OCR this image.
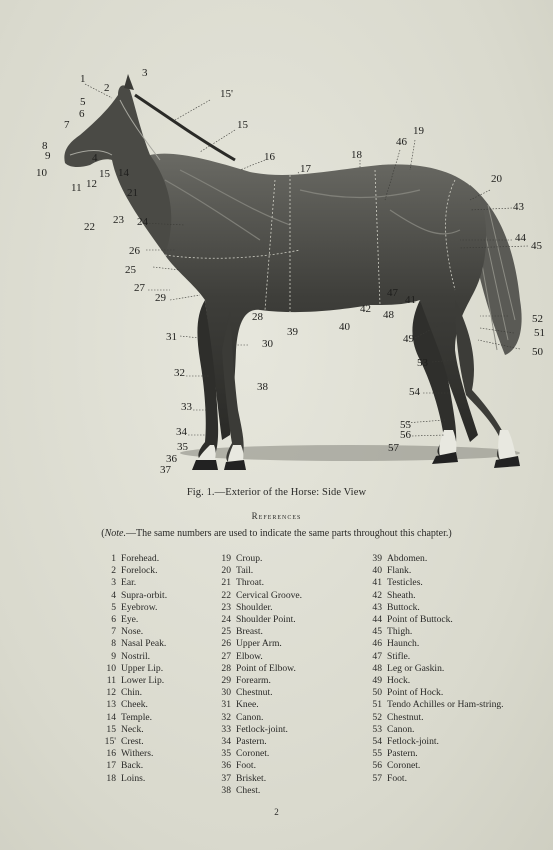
4
2
3
1
5
6
7
8
9
10
11 12
15 14
15'
22
15
16
17
18
19
20
21
23 24
26
25
27
29
38
31
30
32
33
34
35
36
37
28
39	40
42
41
47
44
43
45
46
48
49
50
51
52
53
54
55
56
57
Fig. 1.—Exterior of the Horse: Side View
References
(Note.—The same numbers are used to indicate the same parts throughout this chapter.)
1 Forehead.
2 Forelock.
3 Ear.
4 Supra-orbit.
5 Eyebrow.
6 Eye.
7 Nose.
8 Nasal Peak.
9 Nostril.
10 Upper Lip.
11 Lower Lip.
12 Chin.
13 Cheek.
14 Temple.
15 Neck.
15' Crest.
16 Withers.
17 Back.
18 Loins.
19 Croup.
20 Tail.
21 Throat.
22 Cervical Groove.
23 Shoulder.
24 Shoulder Point.
25 Breast.
26 Upper Arm.
27 Elbow.
28 Point of Elbow.
29 Forearm.
30 Chestnut.
31 Knee.
32 Canon.
33 Fetlock-joint.
34 Pastern.
35 Coronet.
36 Foot.
37 Brisket.
38 Chest.
39 Abdomen.
40 Flank.
41 Testicles.
42 Sheath.
43 Buttock.
44 Point of Buttock.
45 Thigh.
46 Haunch.
47 Stifle.
48 Leg or Gaskin.
49 Hock.
50 Point of Hock.
51 Tendo Achilles or Ham-string.
52 Chestnut.
53 Canon.
54 Fetlock-joint.
55 Pastern.
56 Coronet.
57 Foot.
2
